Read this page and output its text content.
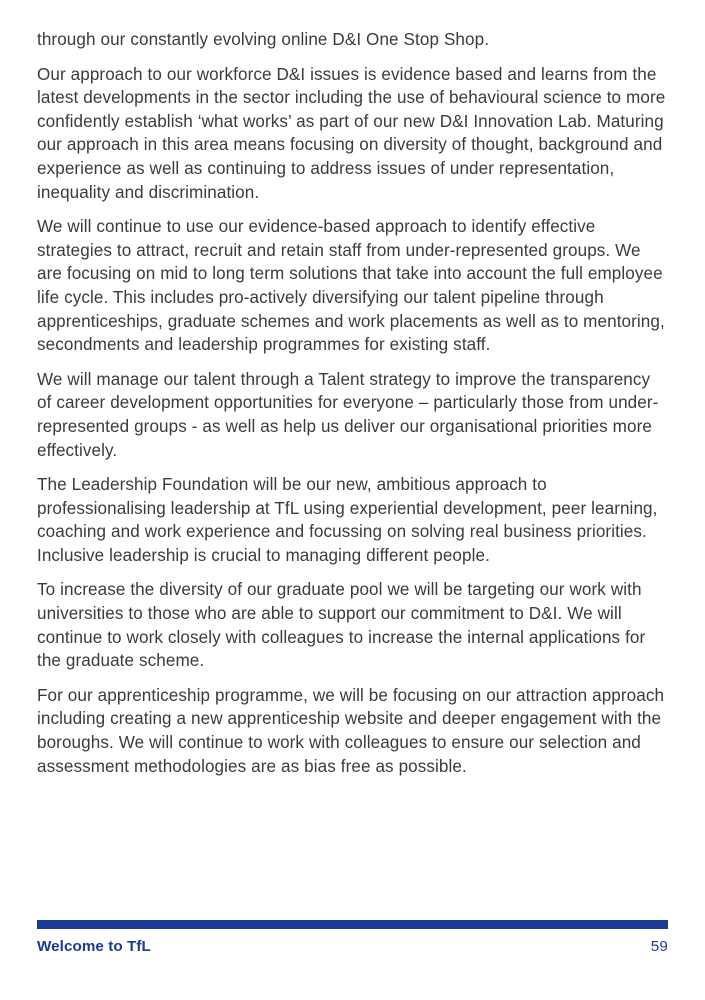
through our constantly evolving online D&I One Stop Shop.

Our approach to our workforce D&I issues is evidence based and learns from the latest developments in the sector including the use of behavioural science to more confidently establish ‘what works’ as part of our new D&I Innovation Lab. Maturing our approach in this area means focusing on diversity of thought, background and experience as well as continuing to address issues of under representation, inequality and discrimination.

We will continue to use our evidence-based approach to identify effective strategies to attract, recruit and retain staff from under-represented groups. We are focusing on mid to long term solutions that take into account the full employee life cycle. This includes pro-actively diversifying our talent pipeline through apprenticeships, graduate schemes and work placements as well as to mentoring, secondments and leadership programmes for existing staff.

We will manage our talent through a Talent strategy to improve the transparency of career development opportunities for everyone – particularly those from under-represented groups - as well as help us deliver our organisational priorities more effectively.

The Leadership Foundation will be our new, ambitious approach to professionalising leadership at TfL using experiential development, peer learning, coaching and work experience and focussing on solving real business priorities. Inclusive leadership is crucial to managing different people.

To increase the diversity of our graduate pool we will be targeting our work with universities to those who are able to support our commitment to D&I. We will continue to work closely with colleagues to increase the internal applications for the graduate scheme.

For our apprenticeship programme, we will be focusing on our attraction approach including creating a new apprenticeship website and deeper engagement with the boroughs. We will continue to work with colleagues to ensure our selection and assessment methodologies are as bias free as possible.

Welcome to TfL	59
